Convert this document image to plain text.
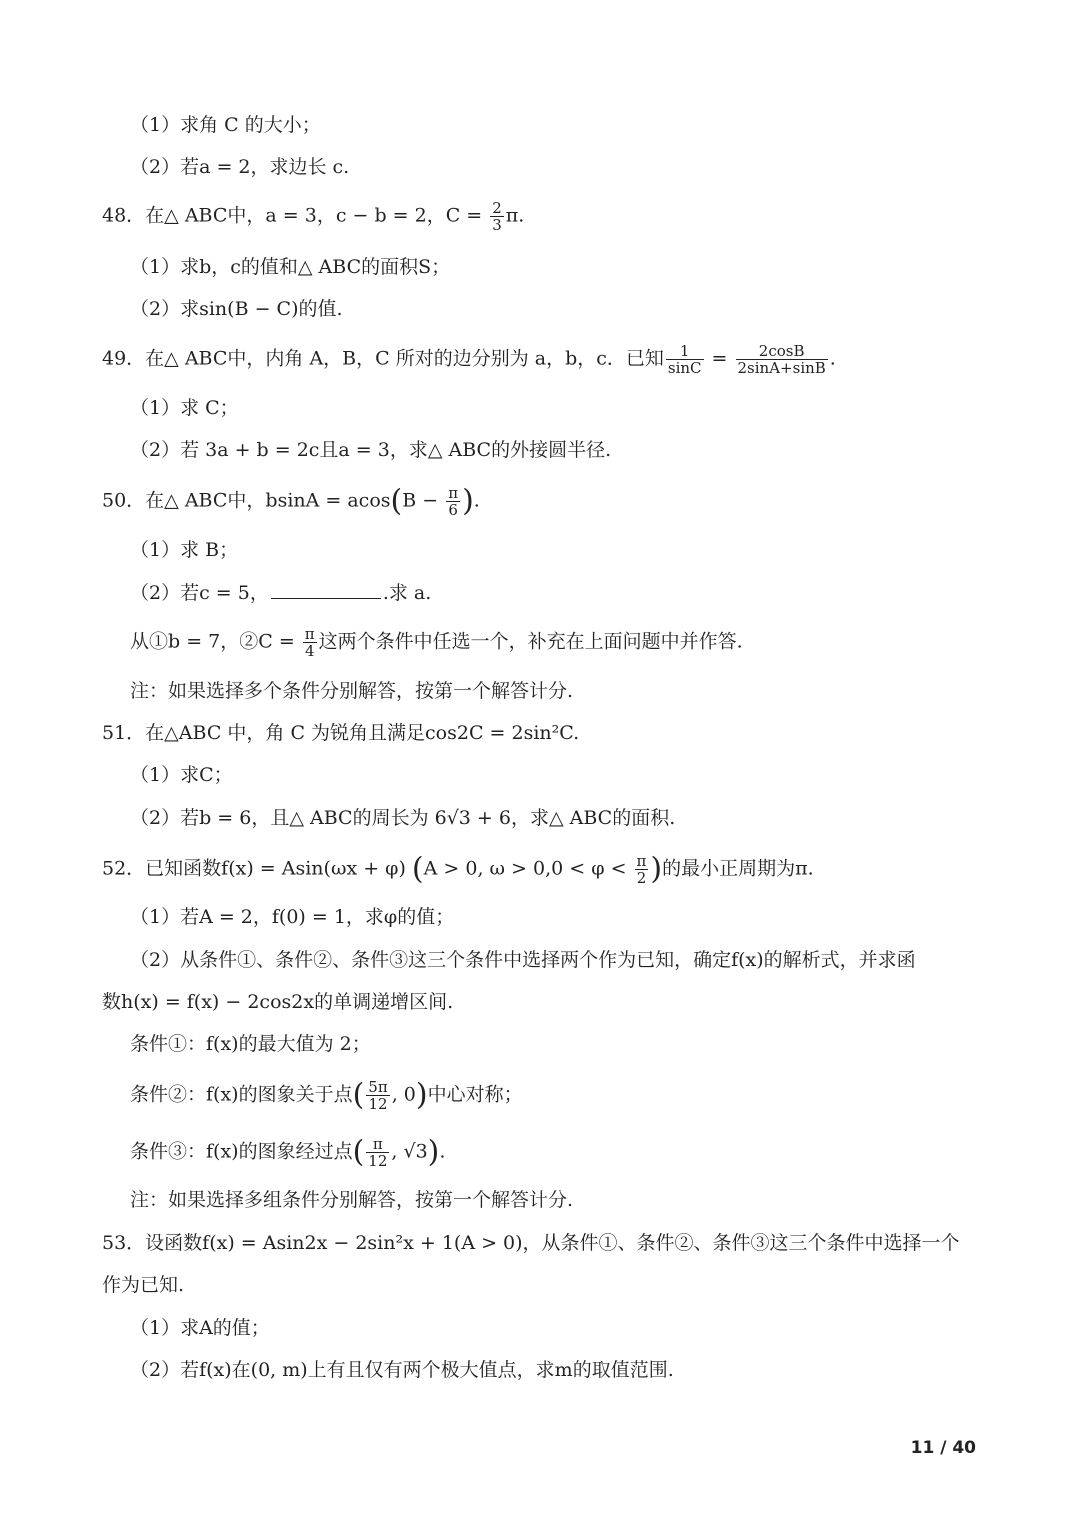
（1）求角 C 的大小；
（2）若a = 2，求边长 c.
48．在△ ABC中，a = 3，c − b = 2，$C = \frac{2}{3} \pi$.
（1）求b，c的值和△ ABC的面积S；
（2）求sin(B − C)的值.
49．在△ ABC中，内角 A，B，C 所对的边分别为 a，b，c．已知 $\frac{1}{\sin C} = \frac{2\cos B}{2\sin A+\sin B}$ .
（1）求 C；
（2）若 3a + b = 2c且a = 3，求△ ABC的外接圆半径.
50．在△ ABC中，$bsinA = acos(B - \frac{\pi}{6}$ ).
（1）求 B；
（2）若c = 5，	.求 a.
从①b = 7，②C = $\frac{\pi}{4}$ 这两个条件中任选一个，补充在上面问题中并作答.
注：如果选择多个条件分别解答，按第一个解答计分.
51．在△ABC 中，角 C 为锐角且满足cos2C = 2sin²C.
（1）求C；
（2）若b = 6，且△ ABC的周长为 6√3 + 6，求△ ABC的面积.
52．已知函数f(x) = Asin(ωx + φ) (A > 0, $\omega > 0,0 < \varphi < \frac{\pi}{2}$ )的最小正周期为π.
（1）若A = 2，f(0) = 1，求φ的值；
（2）从条件①、条件②、条件③这三个条件中选择两个作为已知，确定f(x)的解析式，并求函
数h(x) = f(x) − 2cos2x的单调递增区间.
条件①：f(x)的最大值为 2；
条件②：f(x)的图象关于点( $\frac{5\pi}{12}$ , 0)中心对称；
条件③：f(x)的图象经过点( $\frac{\pi}{12}$ , √3).
注：如果选择多组条件分别解答，按第一个解答计分.
53．设函数f(x) = Asin2x − 2sin²x + 1(A > 0)，从条件①、条件②、条件③这三个条件中选择一个
作为已知.
（1）求A的值；
（2）若f(x)在(0, m)上有且仅有两个极大值点，求m的取值范围.
11 / 40
